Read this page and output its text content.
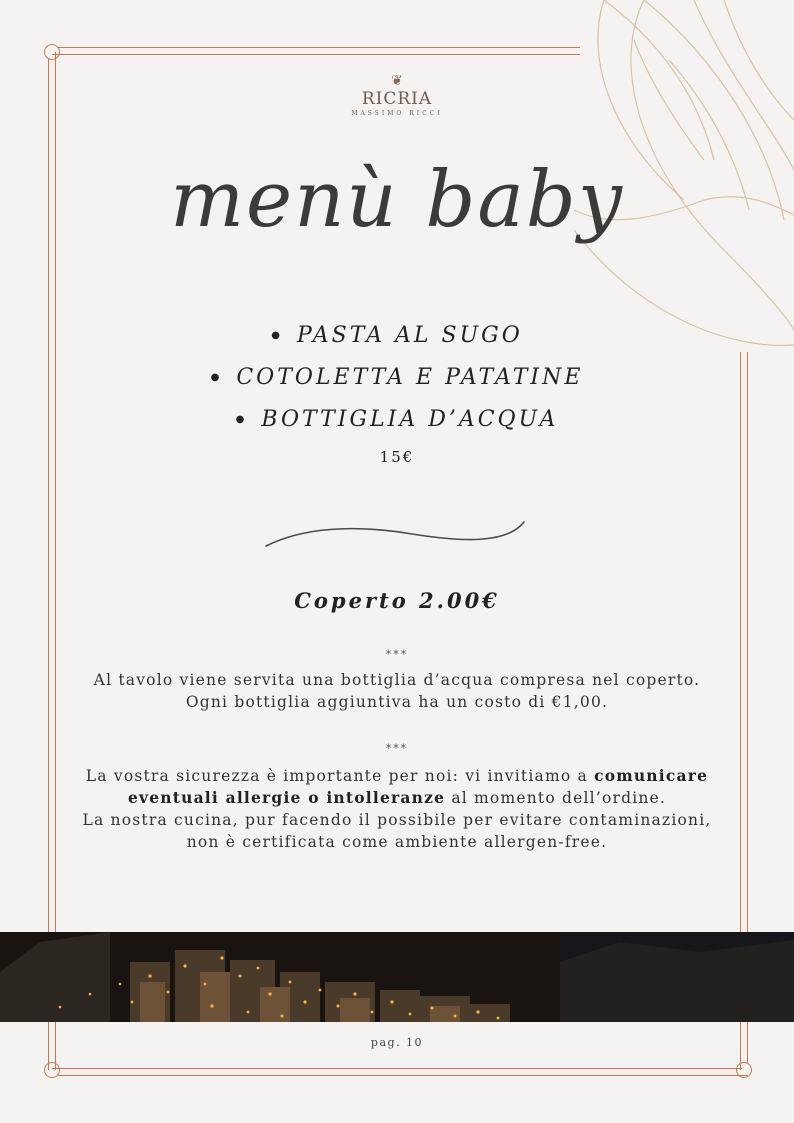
❦
RICRIA
MASSIMO RICCI
menù baby
● PASTA AL SUGO
● COTOLETTA E PATATINE
● BOTTIGLIA D’ACQUA
15€
Coperto 2.00€
***
Al tavolo viene servita una bottiglia d’acqua compresa nel coperto.
Ogni bottiglia aggiuntiva ha un costo di €1,00.
***
La vostra sicurezza è importante per noi: vi invitiamo a comunicare
eventuali allergie o intolleranze al momento dell’ordine.
La nostra cucina, pur facendo il possibile per evitare contaminazioni,
non è certificata come ambiente allergen-free.
pag. 10
